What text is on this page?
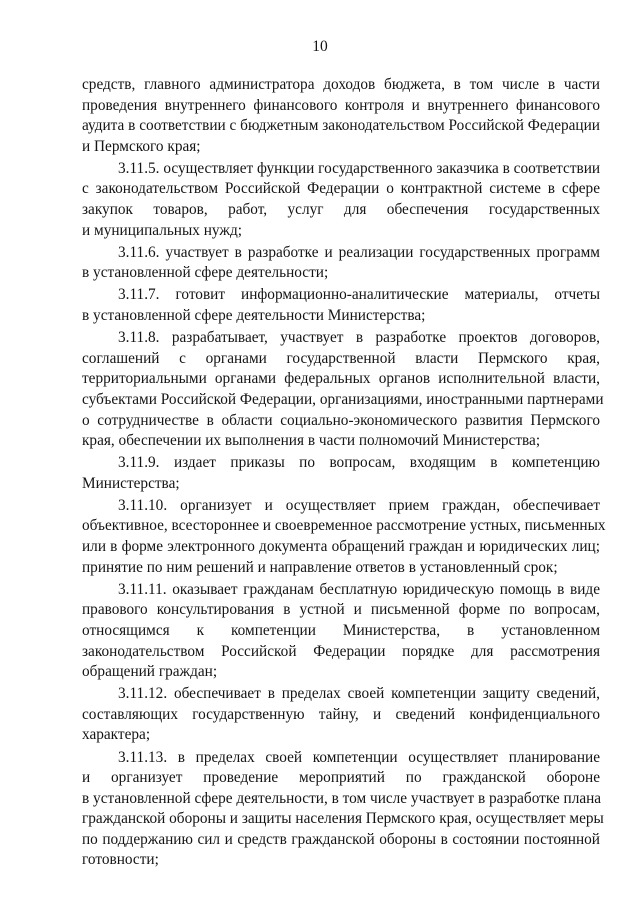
10
средств, главного администратора доходов бюджета, в том числе в части
проведения внутреннего финансового контроля и внутреннего финансового
аудита в соответствии с бюджетным законодательством Российской Федерации
и Пермского края;
3.11.5. осуществляет функции государственного заказчика в соответствии
с законодательством Российской Федерации о контрактной системе в сфере
закупок товаров, работ, услуг для обеспечения государственных
и муниципальных нужд;
3.11.6. участвует в разработке и реализации государственных программ
в установленной сфере деятельности;
3.11.7. готовит информационно-аналитические материалы, отчеты
в установленной сфере деятельности Министерства;
3.11.8. разрабатывает, участвует в разработке проектов договоров,
соглашений с органами государственной власти Пермского края,
территориальными органами федеральных органов исполнительной власти,
субъектами Российской Федерации, организациями, иностранными партнерами
о сотрудничестве в области социально-экономического развития Пермского
края, обеспечении их выполнения в части полномочий Министерства;
3.11.9. издает приказы по вопросам, входящим в компетенцию
Министерства;
3.11.10. организует и осуществляет прием граждан, обеспечивает
объективное, всестороннее и своевременное рассмотрение устных, письменных
или в форме электронного документа обращений граждан и юридических лиц;
принятие по ним решений и направление ответов в установленный срок;
3.11.11. оказывает гражданам бесплатную юридическую помощь в виде
правового консультирования в устной и письменной форме по вопросам,
относящимся к компетенции Министерства, в установленном
законодательством Российской Федерации порядке для рассмотрения
обращений граждан;
3.11.12. обеспечивает в пределах своей компетенции защиту сведений,
составляющих государственную тайну, и сведений конфиденциального
характера;
3.11.13. в пределах своей компетенции осуществляет планирование
и организует проведение мероприятий по гражданской обороне
в установленной сфере деятельности, в том числе участвует в разработке плана
гражданской обороны и защиты населения Пермского края, осуществляет меры
по поддержанию сил и средств гражданской обороны в состоянии постоянной
готовности;
